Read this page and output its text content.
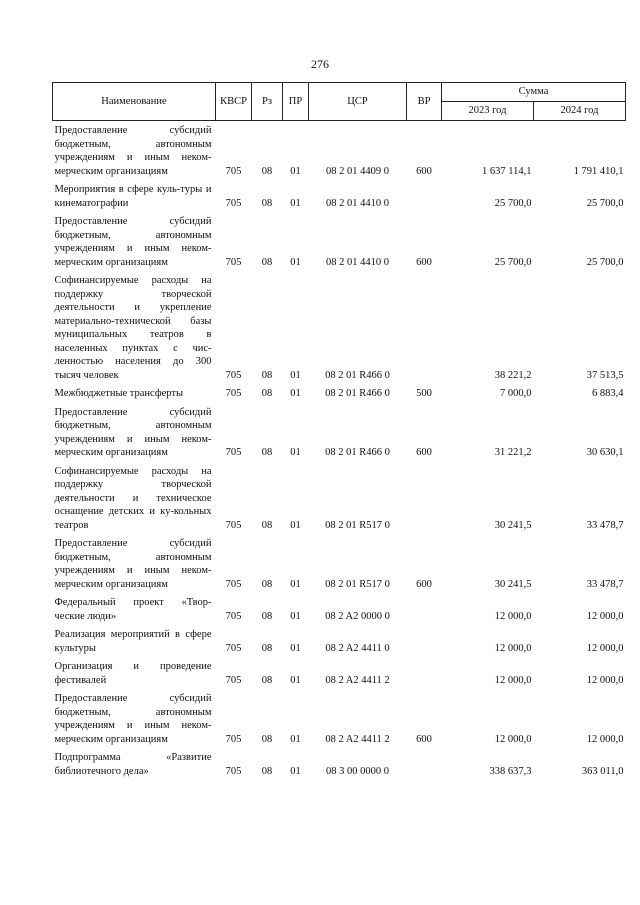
276
Наименование	КВСР	Рз	ПР	ЦСР	ВР	Сумма	
						2023 год	2024 год
Предоставление субсидий бюджетным, автономным учреждениям и иным неком-мерческим организациям	705	08	01	08 2 01 4409 0	600	1 637 114,1	1 791 410,1
Мероприятия в сфере куль-туры и кинематографии	705	08	01	08 2 01 4410 0		25 700,0	25 700,0
Предоставление субсидий бюджетным, автономным учреждениям и иным неком-мерческим организациям	705	08	01	08 2 01 4410 0	600	25 700,0	25 700,0
Софинансируемые расходы на поддержку творческой деятельности и укрепление материально-технической базы муниципальных театров в населенных пунктах с чис-ленностью населения до 300 тысяч человек	705	08	01	08 2 01 R466 0		38 221,2	37 513,5
Межбюджетные трансферты	705	08	01	08 2 01 R466 0	500	7 000,0	6 883,4
Предоставление субсидий бюджетным, автономным учреждениям и иным неком-мерческим организациям	705	08	01	08 2 01 R466 0	600	31 221,2	30 630,1
Софинансируемые расходы на поддержку творческой деятельности и техническое оснащение детских и ку-кольных театров	705	08	01	08 2 01 R517 0		30 241,5	33 478,7
Предоставление субсидий бюджетным, автономным учреждениям и иным неком-мерческим организациям	705	08	01	08 2 01 R517 0	600	30 241,5	33 478,7
Федеральный проект «Твор-ческие люди»	705	08	01	08 2 A2 0000 0		12 000,0	12 000,0
Реализация мероприятий в сфере культуры	705	08	01	08 2 A2 4411 0		12 000,0	12 000,0
Организация и проведение фестивалей	705	08	01	08 2 A2 4411 2		12 000,0	12 000,0
Предоставление субсидий бюджетным, автономным учреждениям и иным неком-мерческим организациям	705	08	01	08 2 A2 4411 2	600	12 000,0	12 000,0
Подпрограмма «Развитие библиотечного дела»	705	08	01	08 3 00 0000 0		338 637,3	363 011,0
